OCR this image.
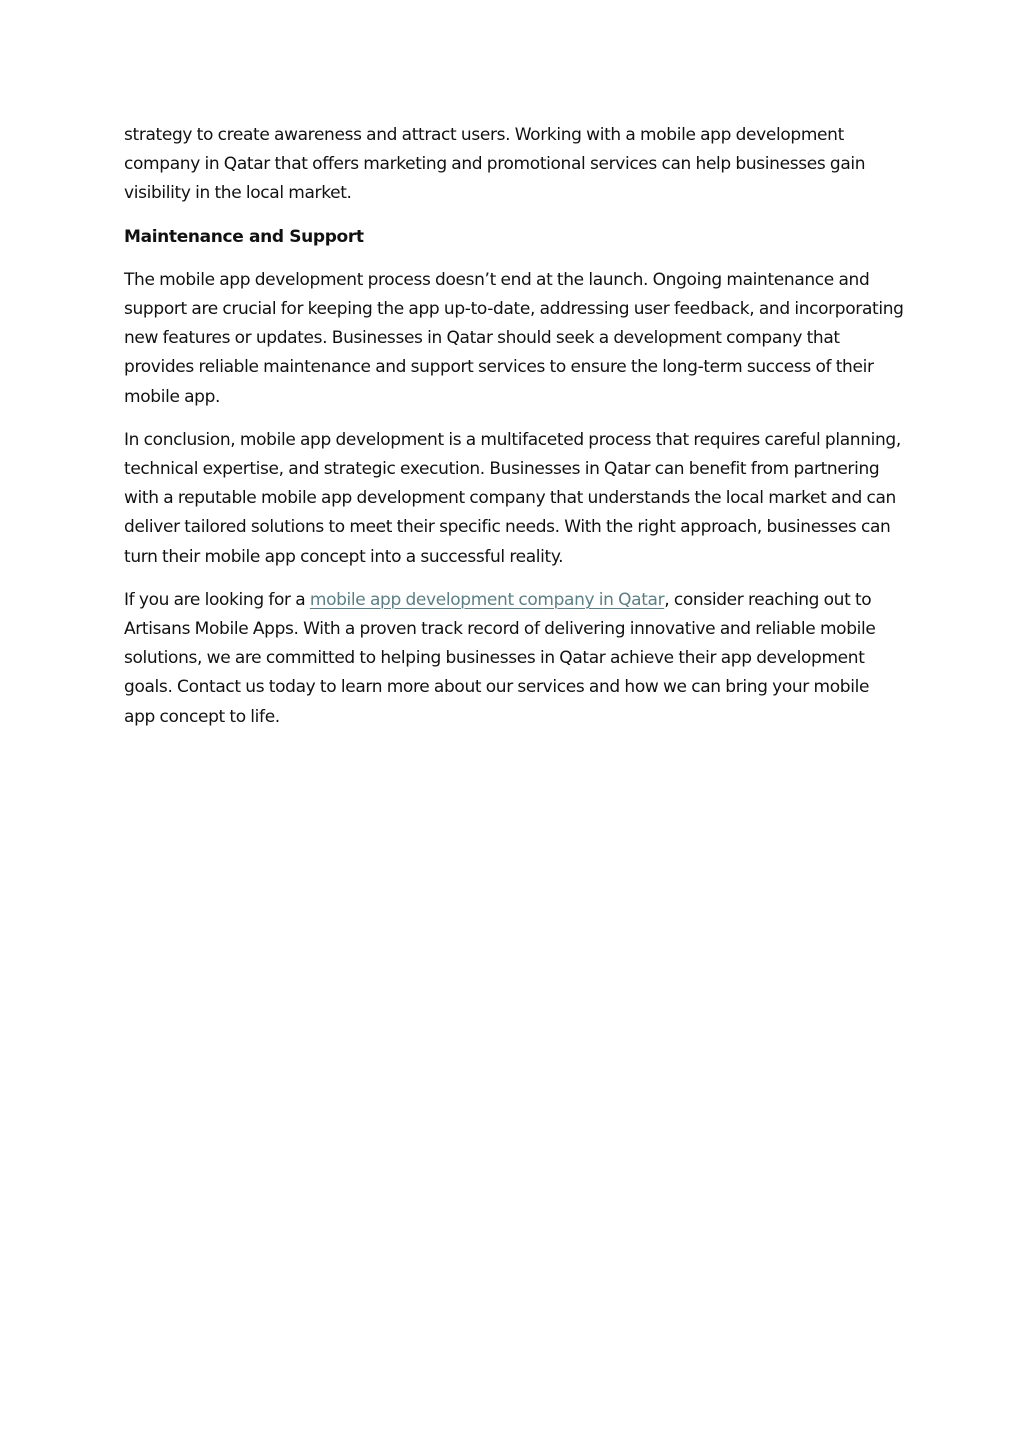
strategy to create awareness and attract users. Working with a mobile app development company in Qatar that offers marketing and promotional services can help businesses gain visibility in the local market.

Maintenance and Support

The mobile app development process doesn’t end at the launch. Ongoing maintenance and support are crucial for keeping the app up-to-date, addressing user feedback, and incorporating new features or updates. Businesses in Qatar should seek a development company that provides reliable maintenance and support services to ensure the long-term success of their mobile app.

In conclusion, mobile app development is a multifaceted process that requires careful planning, technical expertise, and strategic execution. Businesses in Qatar can benefit from partnering with a reputable mobile app development company that understands the local market and can deliver tailored solutions to meet their specific needs. With the right approach, businesses can turn their mobile app concept into a successful reality.

If you are looking for a mobile app development company in Qatar, consider reaching out to Artisans Mobile Apps. With a proven track record of delivering innovative and reliable mobile solutions, we are committed to helping businesses in Qatar achieve their app development goals. Contact us today to learn more about our services and how we can bring your mobile app concept to life.
